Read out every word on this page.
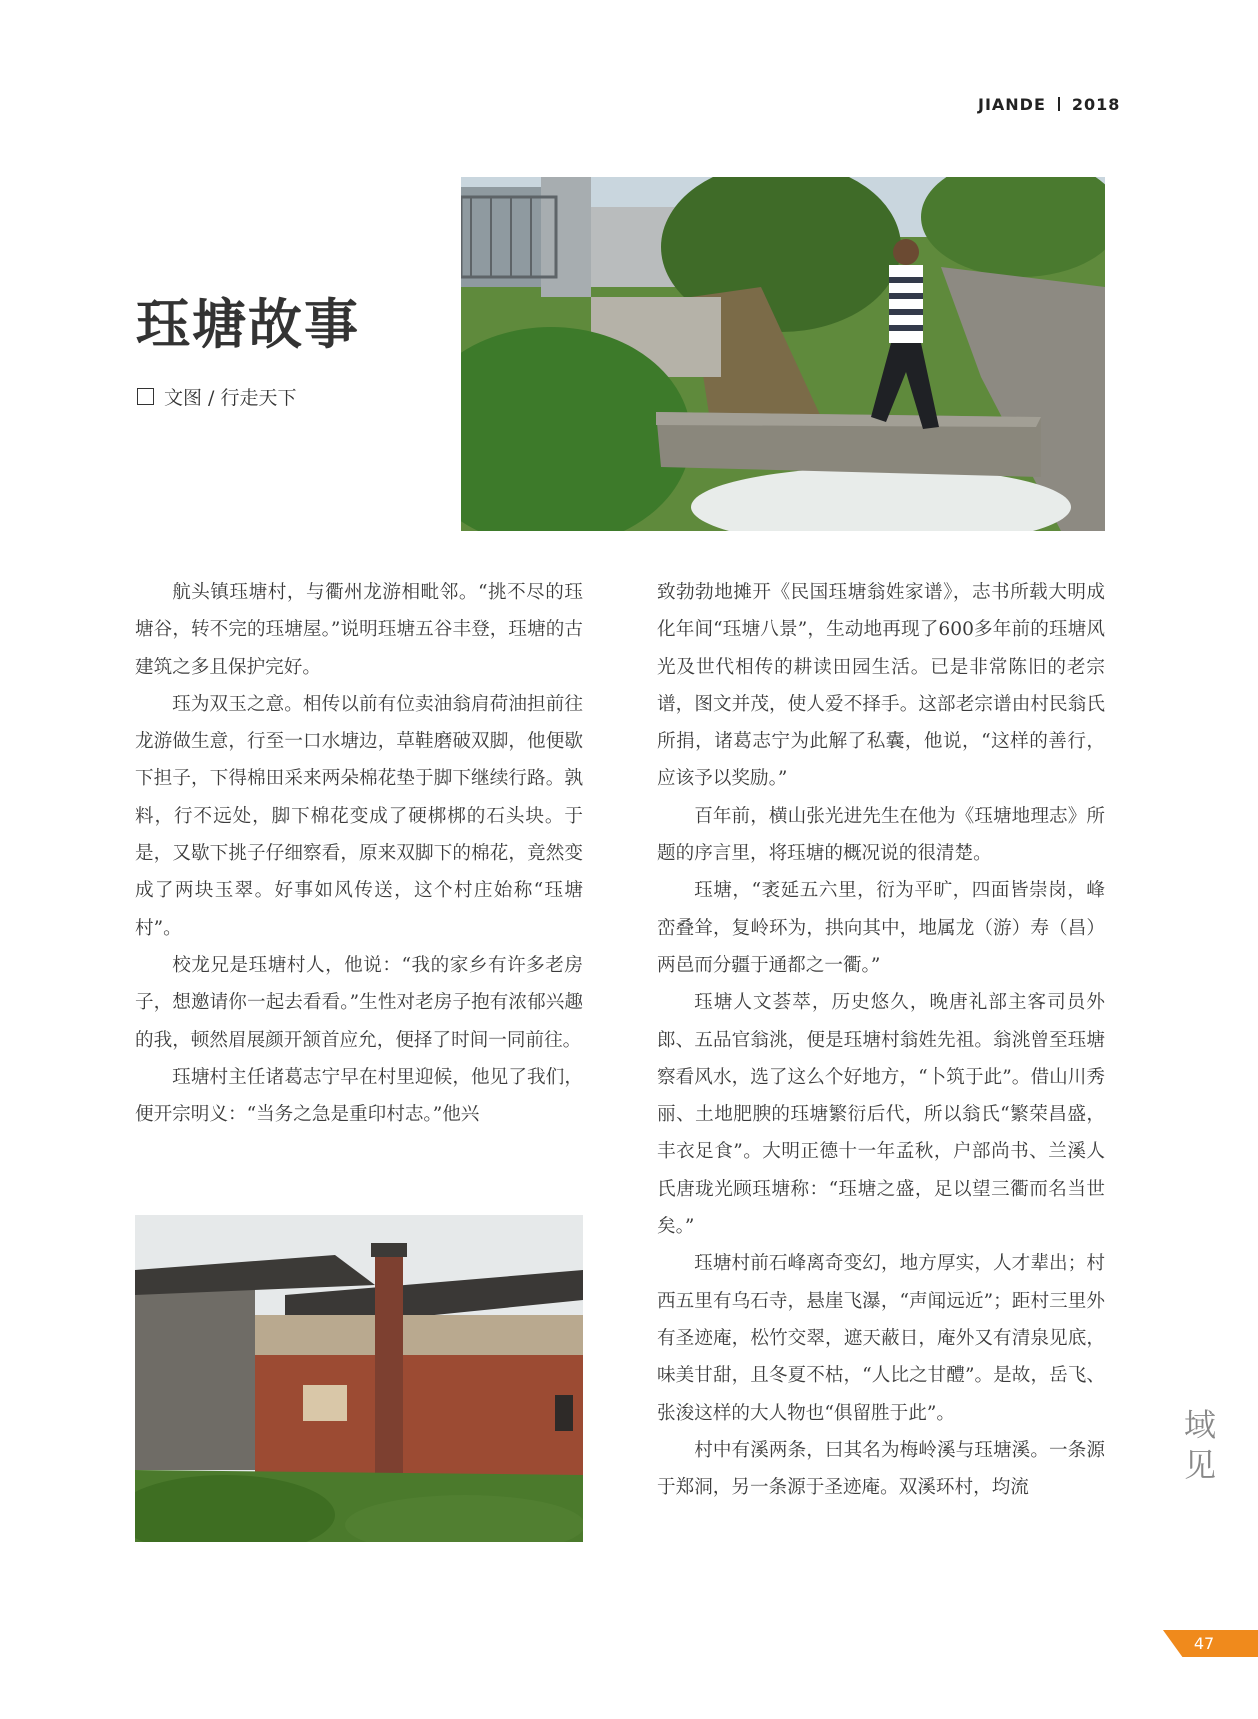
JIANDE 2018
珏塘故事
文图 / 行走天下

航头镇珏塘村，与衢州龙游相毗邻。“挑不尽的珏塘谷，转不完的珏塘屋。”说明珏塘五谷丰登，珏塘的古建筑之多且保护完好。

珏为双玉之意。相传以前有位卖油翁肩荷油担前往龙游做生意，行至一口水塘边，草鞋磨破双脚，他便歇下担子，下得棉田采来两朵棉花垫于脚下继续行路。孰料，行不远处，脚下棉花变成了硬梆梆的石头块。于是，又歇下挑子仔细察看，原来双脚下的棉花，竟然变成了两块玉翠。好事如风传送，这个村庄始称“珏塘村”。

校龙兄是珏塘村人，他说：“我的家乡有许多老房子，想邀请你一起去看看。”生性对老房子抱有浓郁兴趣的我，顿然眉展颜开颔首应允，便择了时间一同前往。

珏塘村主任诸葛志宁早在村里迎候，他见了我们，便开宗明义：“当务之急是重印村志。”他兴

致勃勃地摊开《民国珏塘翁姓家谱》，志书所载大明成化年间“珏塘八景”，生动地再现了600多年前的珏塘风光及世代相传的耕读田园生活。已是非常陈旧的老宗谱，图文并茂，使人爱不择手。这部老宗谱由村民翁氏所捐，诸葛志宁为此解了私囊，他说，“这样的善行，应该予以奖励。”

百年前，横山张光进先生在他为《珏塘地理志》所题的序言里，将珏塘的概况说的很清楚。

珏塘，“袤延五六里，衍为平旷，四面皆崇岗，峰峦叠耸，复岭环为，拱向其中，地属龙（游）寿（昌）两邑而分疆于通都之一衢。”

珏塘人文荟萃，历史悠久，晚唐礼部主客司员外郎、五品官翁洮，便是珏塘村翁姓先祖。翁洮曾至珏塘察看风水，选了这么个好地方，“卜筑于此”。借山川秀丽、土地肥腴的珏塘繁衍后代，所以翁氏“繁荣昌盛，丰衣足食”。大明正德十一年孟秋，户部尚书、兰溪人氏唐珑光顾珏塘称：“珏塘之盛，足以望三衢而名当世矣。”

珏塘村前石峰离奇变幻，地方厚实，人才辈出；村西五里有乌石寺，悬崖飞瀑，“声闻远近”；距村三里外有圣迹庵，松竹交翠，遮天蔽日，庵外又有清泉见底，味美甘甜，且冬夏不枯，“人比之甘醴”。是故，岳飞、张浚这样的大人物也“俱留胜于此”。

村中有溪两条，曰其名为梅岭溪与珏塘溪。一条源于郑洞，另一条源于圣迹庵。双溪环村，均流

域
见
47
